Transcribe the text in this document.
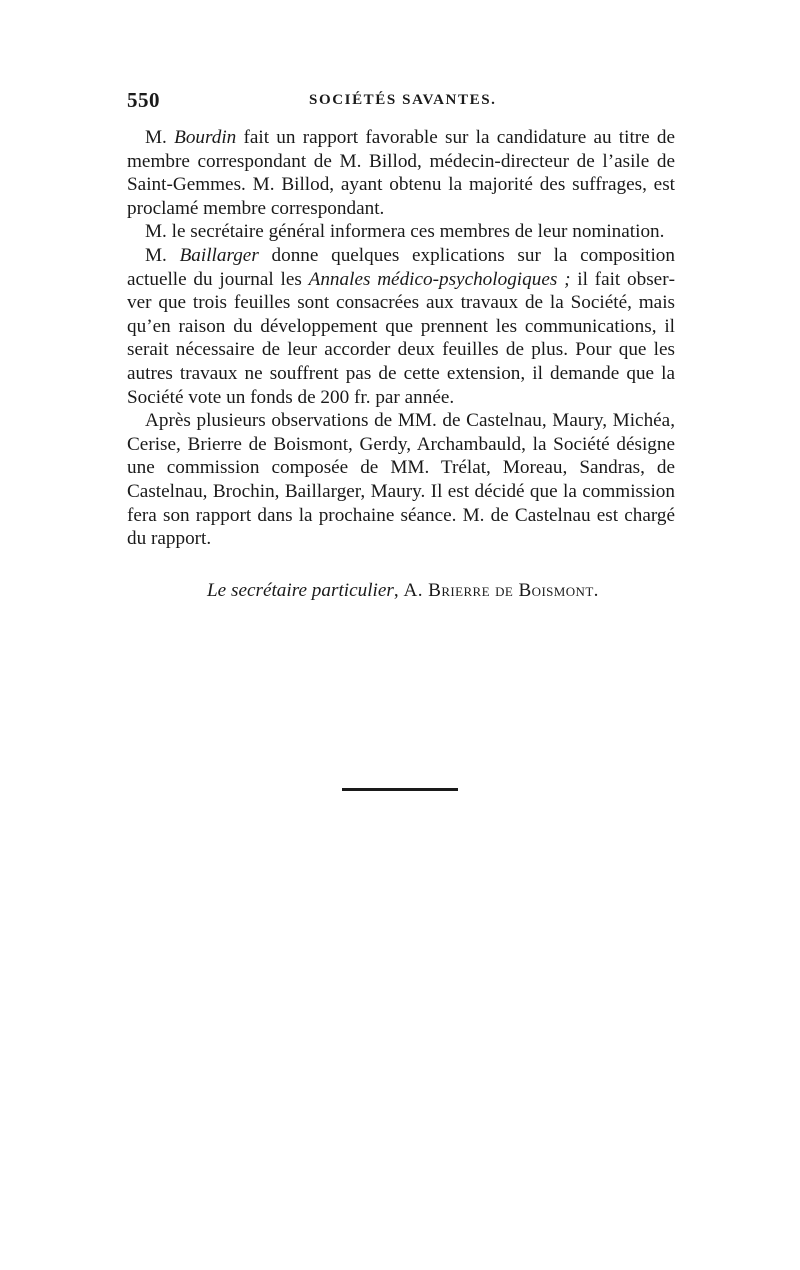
550	SOCIÉTÉS SAVANTES.

M. Bourdin fait un rapport favorable sur la candidature au titre de membre correspondant de M. Billod, médecin-directeur de l’asile de Saint-Gemmes. M. Billod, ayant obtenu la majorité des suffrages, est proclamé membre correspondant.

M. le secrétaire général informera ces membres de leur nomination.

M. Baillarger donne quelques explications sur la composition actuelle du journal les Annales médico-psychologiques ; il fait observer que trois feuilles sont consacrées aux travaux de la Société, mais qu’en raison du développement que prennent les communications, il serait nécessaire de leur accorder deux feuilles de plus. Pour que les autres travaux ne souffrent pas de cette extension, il demande que la Société vote un fonds de 200 fr. par année.

Après plusieurs observations de MM. de Castelnau, Maury, Michéa, Cerise, Brierre de Boismont, Gerdy, Archambauld, la Société désigne une commission composée de MM. Trélat, Moreau, Sandras, de Castelnau, Brochin, Baillarger, Maury. Il est décidé que la commission fera son rapport dans la prochaine séance. M. de Castelnau est chargé du rapport.

Le secrétaire particulier, A. Brierre de Boismont.
